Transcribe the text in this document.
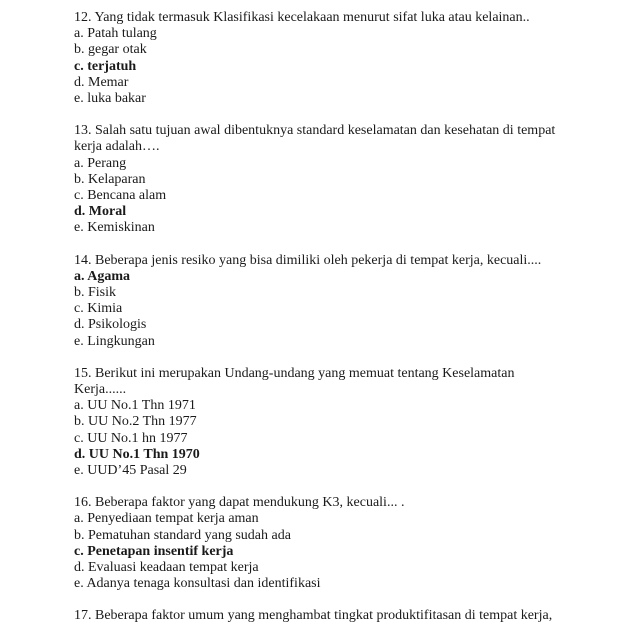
12. Yang tidak termasuk Klasifikasi kecelakaan menurut sifat luka atau kelainan..
a. Patah tulang
b. gegar otak
c. terjatuh
d. Memar
e. luka bakar
13. Salah satu tujuan awal dibentuknya standard keselamatan dan kesehatan di tempat kerja adalah….
a. Perang
b. Kelaparan
c. Bencana alam
d. Moral
e. Kemiskinan
14. Beberapa jenis resiko yang bisa dimiliki oleh pekerja di tempat kerja, kecuali....
a. Agama
b. Fisik
c. Kimia
d. Psikologis
e. Lingkungan
15. Berikut ini merupakan Undang-undang yang memuat tentang Keselamatan Kerja......
a. UU No.1 Thn 1971
b. UU No.2 Thn 1977
c. UU No.1 hn 1977
d. UU No.1 Thn 1970
e. UUD’45 Pasal 29
16. Beberapa faktor yang dapat mendukung K3, kecuali... .
a. Penyediaan tempat kerja aman
b. Pematuhan standard yang sudah ada
c. Penetapan insentif kerja
d. Evaluasi keadaan tempat kerja
e. Adanya tenaga konsultasi dan identifikasi
17. Beberapa faktor umum yang menghambat tingkat produktifitasan di tempat kerja,
